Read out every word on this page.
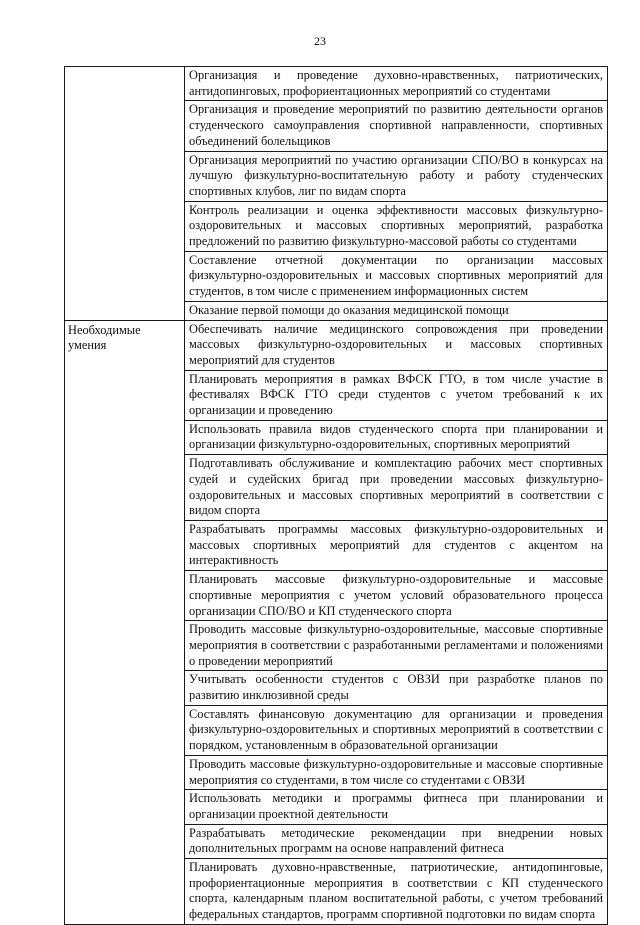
23
	Организация и проведение духовно-нравственных, патриотических, антидопинговых, профориентационных мероприятий со студентами
	Организация и проведение мероприятий по развитию деятельности органов студенческого самоуправления спортивной направленности, спортивных объединений болельщиков
	Организация мероприятий по участию организации СПО/ВО в конкурсах на лучшую физкультурно-воспитательную работу и работу студенческих спортивных клубов, лиг по видам спорта
	Контроль реализации и оценка эффективности массовых физкультурно-оздоровительных и массовых спортивных мероприятий, разработка предложений по развитию физкультурно-массовой работы со студентами
	Составление отчетной документации по организации массовых физкультурно-оздоровительных и массовых спортивных мероприятий для студентов, в том числе с применением информационных систем
	Оказание первой помощи до оказания медицинской помощи
Необходимые умения	Обеспечивать наличие медицинского сопровождения при проведении массовых физкультурно-оздоровительных и массовых спортивных мероприятий для студентов
	Планировать мероприятия в рамках ВФСК ГТО, в том числе участие в фестивалях ВФСК ГТО среди студентов с учетом требований к их организации и проведению
	Использовать правила видов студенческого спорта при планировании и организации физкультурно-оздоровительных, спортивных мероприятий
	Подготавливать обслуживание и комплектацию рабочих мест спортивных судей и судейских бригад при проведении массовых физкультурно-оздоровительных и массовых спортивных мероприятий в соответствии с видом спорта
	Разрабатывать программы массовых физкультурно-оздоровительных и массовых спортивных мероприятий для студентов с акцентом на интерактивность
	Планировать массовые физкультурно-оздоровительные и массовые спортивные мероприятия с учетом условий образовательного процесса организации СПО/ВО и КП студенческого спорта
	Проводить массовые физкультурно-оздоровительные, массовые спортивные мероприятия в соответствии с разработанными регламентами и положениями о проведении мероприятий
	Учитывать особенности студентов с ОВЗИ при разработке планов по развитию инклюзивной среды
	Составлять финансовую документацию для организации и проведения физкультурно-оздоровительных и спортивных мероприятий в соответствии с порядком, установленным в образовательной организации
	Проводить массовые физкультурно-оздоровительные и массовые спортивные мероприятия со студентами, в том числе со студентами с ОВЗИ
	Использовать методики и программы фитнеса при планировании и организации проектной деятельности
	Разрабатывать методические рекомендации при внедрении новых дополнительных программ на основе направлений фитнеса
	Планировать духовно-нравственные, патриотические, антидопинговые, профориентационные мероприятия в соответствии с КП студенческого спорта, календарным планом воспитательной работы, с учетом требований федеральных стандартов, программ спортивной подготовки по видам спорта
